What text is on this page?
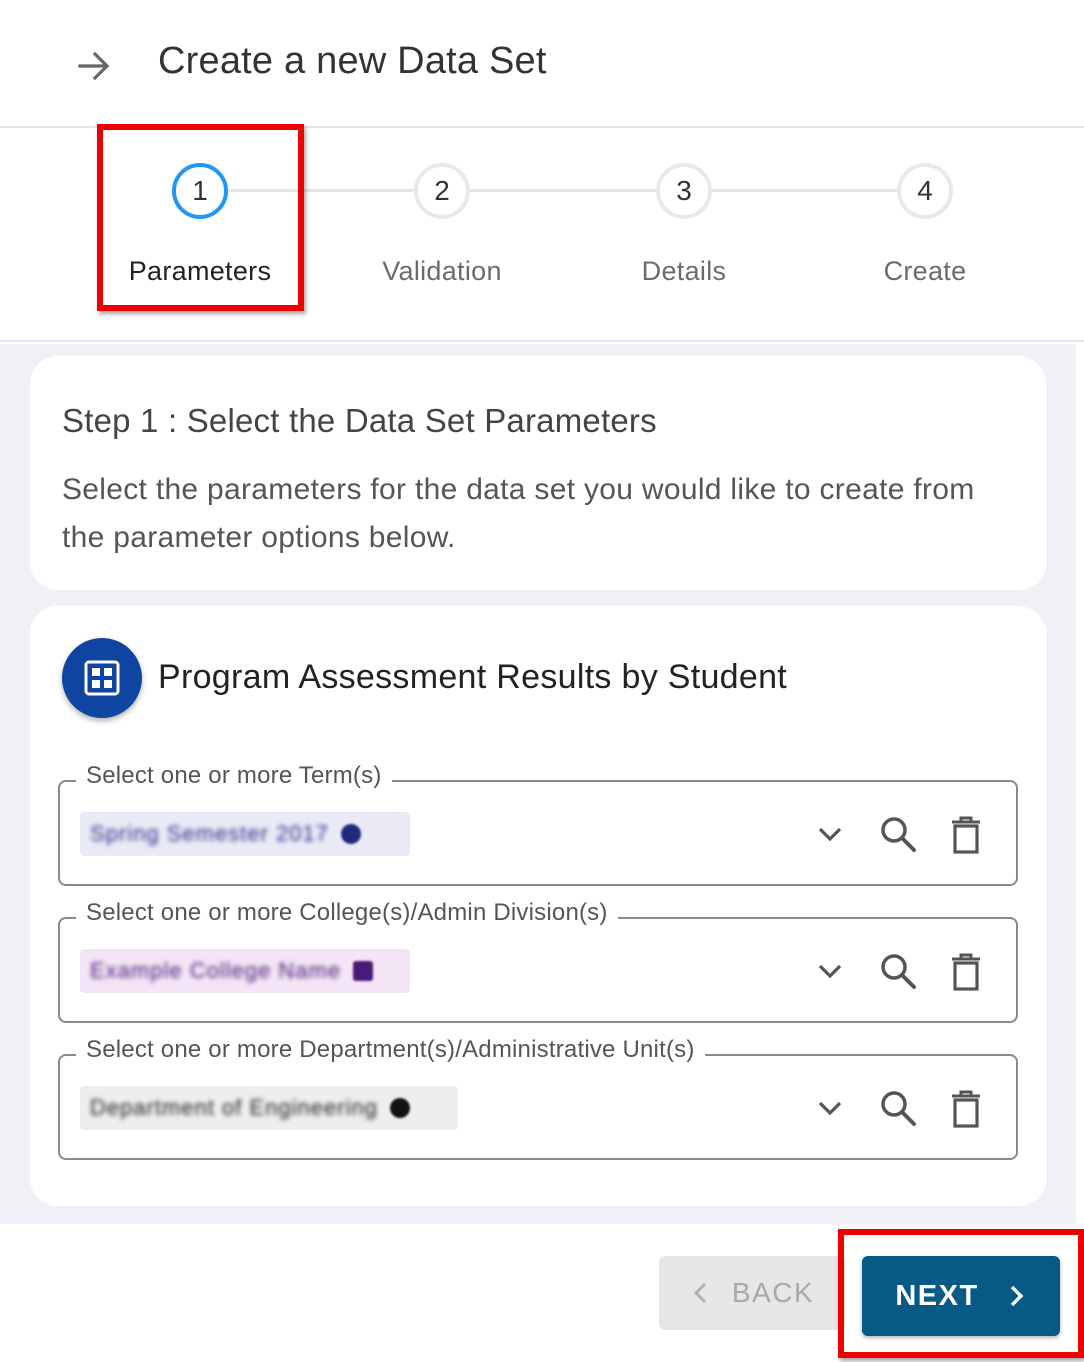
Create a new Data Set
1
Parameters
2
Validation
3
Details
4
Create
Step 1 : Select the Data Set Parameters
Select the parameters for the data set you would like to create from the parameter options below.
Program Assessment Results by Student
Select one or more Term(s)
Spring Semester 2017
Select one or more College(s)/Admin Division(s)
Example College Name
Select one or more Department(s)/Administrative Unit(s)
Department of Engineering
BACK	NEXT
